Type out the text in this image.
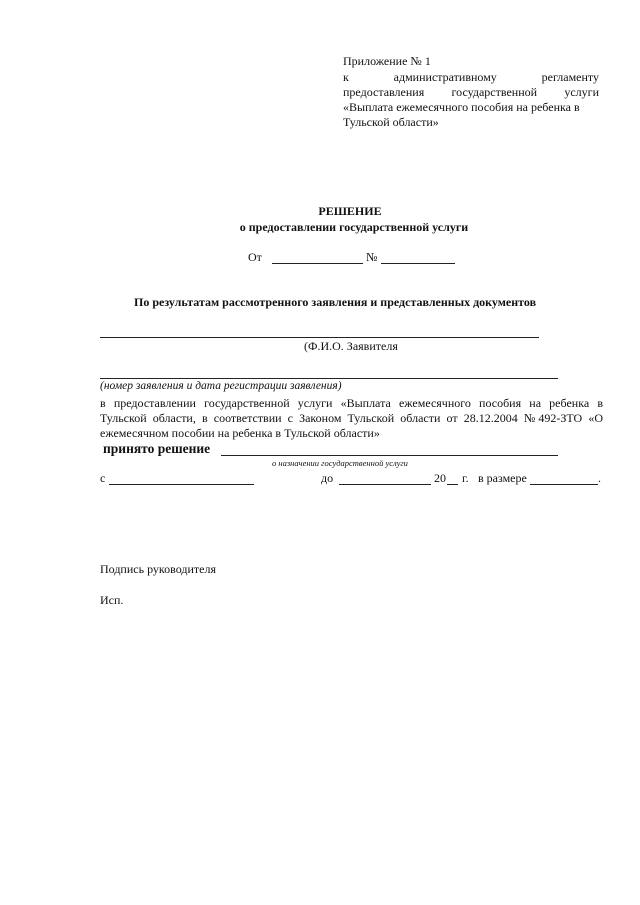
Приложение № 1
к административному регламенту
предоставления государственной услуги
«Выплата ежемесячного пособия на ребенка в
Тульской области»
РЕШЕНИЕ
о предоставлении государственной услуги
От	№
По результатам рассмотренного заявления и представленных документов
(Ф.И.О. Заявителя
(номер заявления и дата регистрации заявления)
в предоставлении государственной услуги «Выплата ежемесячного пособия на ребенка в
Тульской области, в соответствии с Законом Тульской области от 28.12.2004 №492-ЗТО «О
ежемесячном пособии на ребенка в Тульской области»
принято решение
о назначении государственной услуги
с	до	20 г. в размере	.
Подпись руководителя
Исп.
